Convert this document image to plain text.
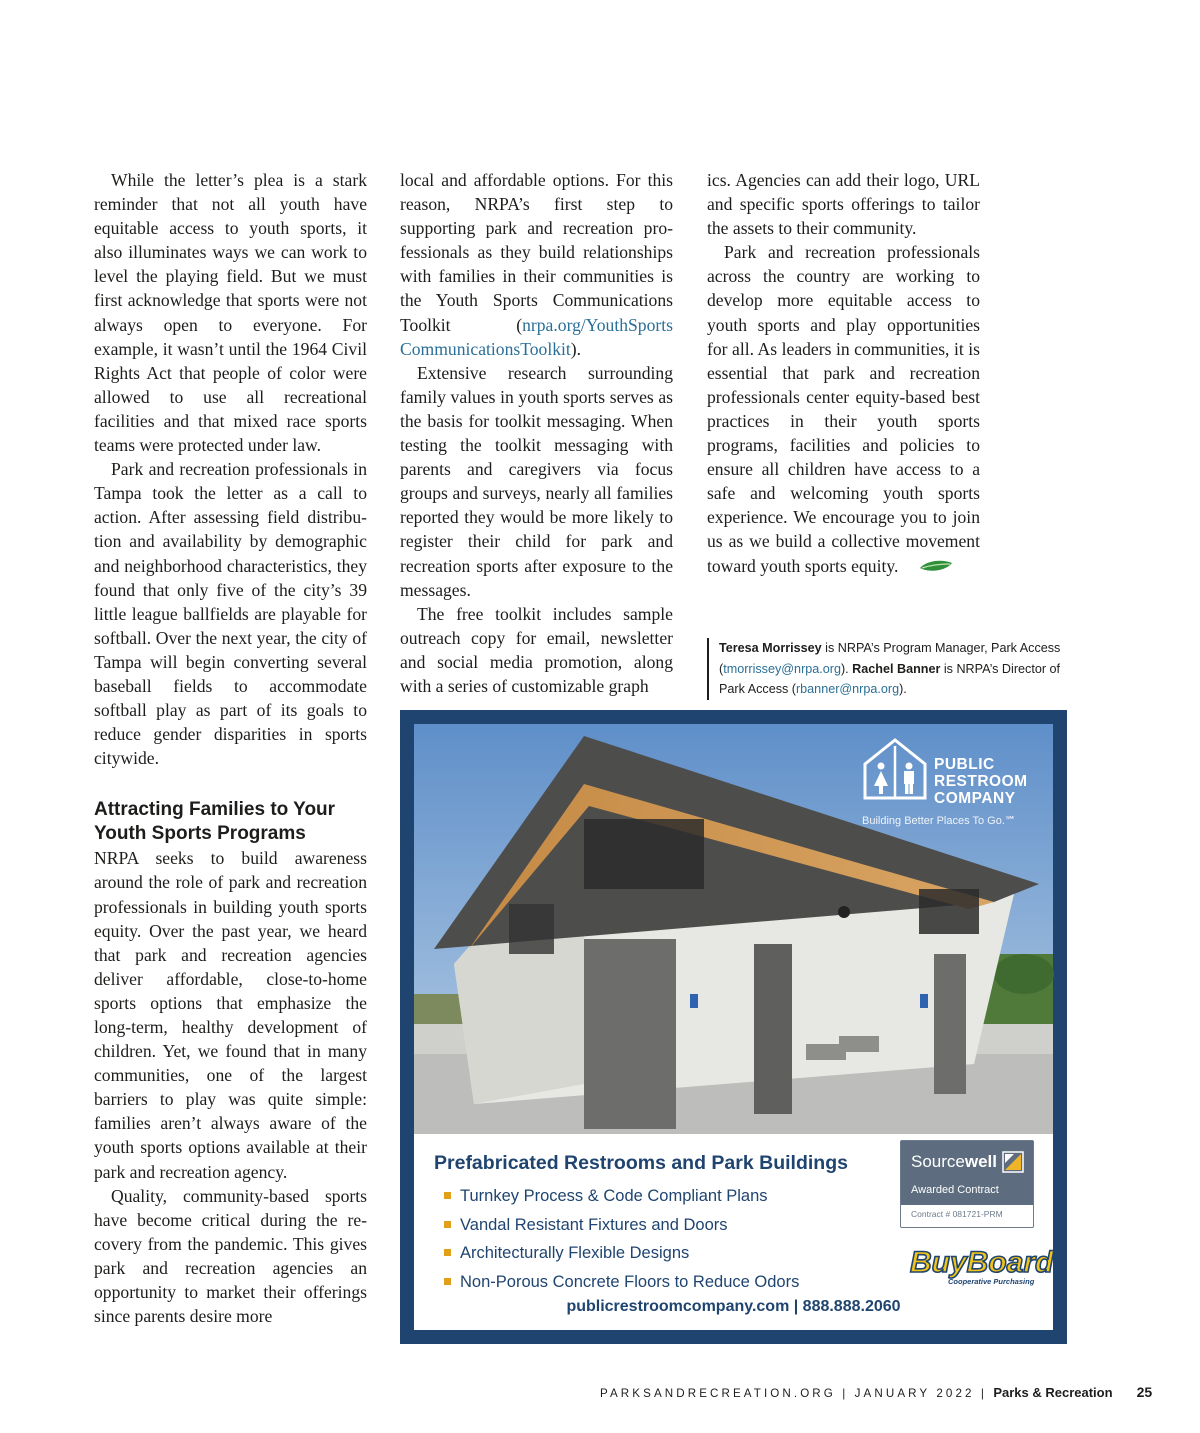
While the letter’s plea is a stark reminder that not all youth have equitable access to youth sports, it also illuminates ways we can work to level the playing field. But we must first acknowledge that sports were not always open to everyone. For example, it wasn’t until the 1964 Civil Rights Act that people of color were allowed to use all recreational facilities and that mixed race sports teams were protected under law.

Park and recreation professionals in Tampa took the letter as a call to action. After assessing field distribution and availability by demographic and neighborhood characteristics, they found that only five of the city’s 39 little league ballfields are playable for softball. Over the next year, the city of Tampa will begin converting several baseball fields to accommodate softball play as part of its goals to reduce gender disparities in sports citywide.

Attracting Families to Your Youth Sports Programs

NRPA seeks to build awareness around the role of park and recreation professionals in building youth sports equity. Over the past year, we heard that park and recreation agencies deliver affordable, close-to-home sports options that emphasize the long-term, healthy development of children. Yet, we found that in many communities, one of the largest barriers to play was quite simple: families aren’t always aware of the youth sports options available at their park and recreation agency.

Quality, community-based sports have become critical during the recovery from the pandemic. This gives park and recreation agencies an opportunity to market their offerings since parents desire more

local and affordable options. For this reason, NRPA’s first step to supporting park and recreation professionals as they build relationships with families in their communities is the Youth Sports Communications Toolkit (nrpa.org/YouthSports CommunicationsToolkit).

Extensive research surrounding family values in youth sports serves as the basis for toolkit messaging. When testing the toolkit messaging with parents and caregivers via focus groups and surveys, nearly all families reported they would be more likely to register their child for park and recreation sports after exposure to the messages.

The free toolkit includes sample outreach copy for email, newsletter and social media promotion, along with a series of customizable graph

ics. Agencies can add their logo, URL and specific sports offerings to tailor the assets to their community.

Park and recreation professionals across the country are working to develop more equitable access to youth sports and play opportunities for all. As leaders in communities, it is essential that park and recreation professionals center equity-based best practices in their youth sports programs, facilities and policies to ensure all children have access to a safe and welcoming youth sports experience. We encourage you to join us as we build a collective movement toward youth sports equity.

Teresa Morrissey is NRPA’s Program Manager, Park Access (tmorrissey@nrpa.org). Rachel Banner is NRPA’s Director of Park Access (rbanner@nrpa.org).
PUBLIC
RESTROOM
COMPANY
Building Better Places To Go.℠
Prefabricated Restrooms and Park Buildings
Turnkey Process & Code Compliant Plans
Vandal Resistant Fixtures and Doors
Architecturally Flexible Designs
Non-Porous Concrete Floors to Reduce Odors
Sourcewell
Awarded Contract
Contract # 081721-PRM
BuyBoard
Cooperative Purchasing
publicrestroomcompany.com | 888.888.2060
PARKSANDRECREATION.ORG | JANUARY 2022 | Parks & Recreation 25
